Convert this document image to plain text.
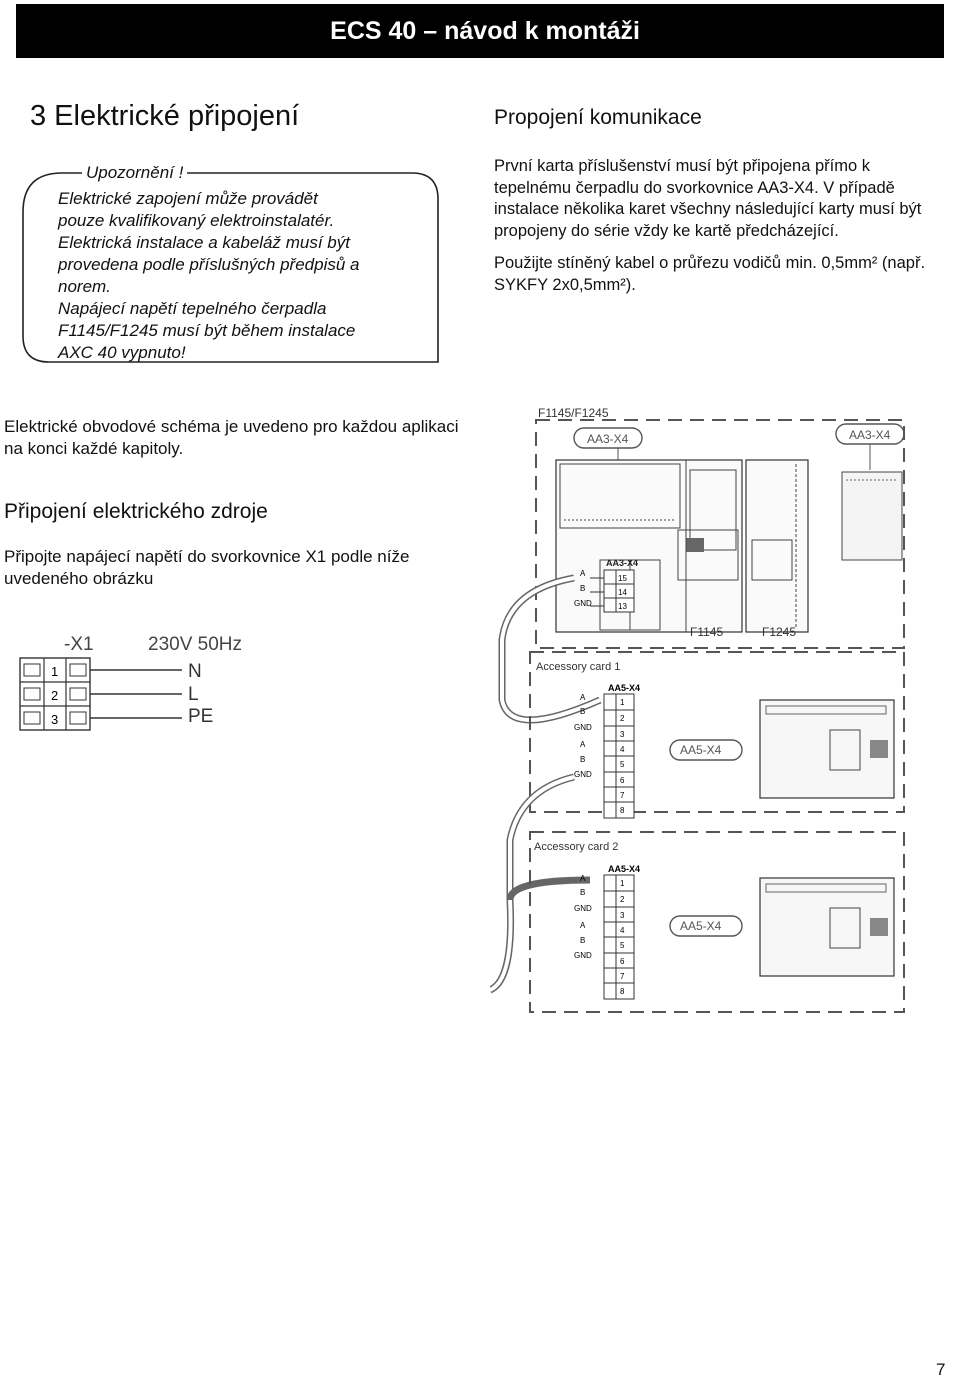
ECS 40 – návod k montáži
3 Elektrické připojení	Propojení komunikace
Upozornění !
Elektrické zapojení může provádět
pouze kvalifikovaný elektroinstalatér.
Elektrická instalace a kabeláž musí být
provedena podle příslušných předpisů a
norem.
Napájecí napětí tepelného čerpadla
F1145/F1245 musí být během instalace
AXC 40 vypnuto!

První karta příslušenství musí být připojena přímo k tepelnému čerpadlu do svorkovnice AA3-X4. V případě instalace několika karet všechny následující karty musí být propojeny do série vždy ke kartě předcházející.

Použijte stíněný kabel o průřezu vodičů min. 0,5mm² (např. SYKFY 2x0,5mm²).

Elektrické obvodové schéma je uvedeno pro každou aplikaci na konci každé kapitoly.
Připojení elektrického zdroje
Připojte napájecí napětí do svorkovnice X1 podle níže uvedeného obrázku
-X1	230V 50Hz
1
2
3
N
L
PE
F1145/F1245
AA3-X4	AA3-X4
F1145	F1245
AA3-X4
15
14
13
A
B
GND
Accessory card 1
AA5-X4
1
2
3
4
5
6
7
8
A
B
GND
A
B
GND
AA5-X4
Accessory card 2
AA5-X4
1
2
3
4
5
6
7
8
A
B
GND
A
B
GND
AA5-X4
7
